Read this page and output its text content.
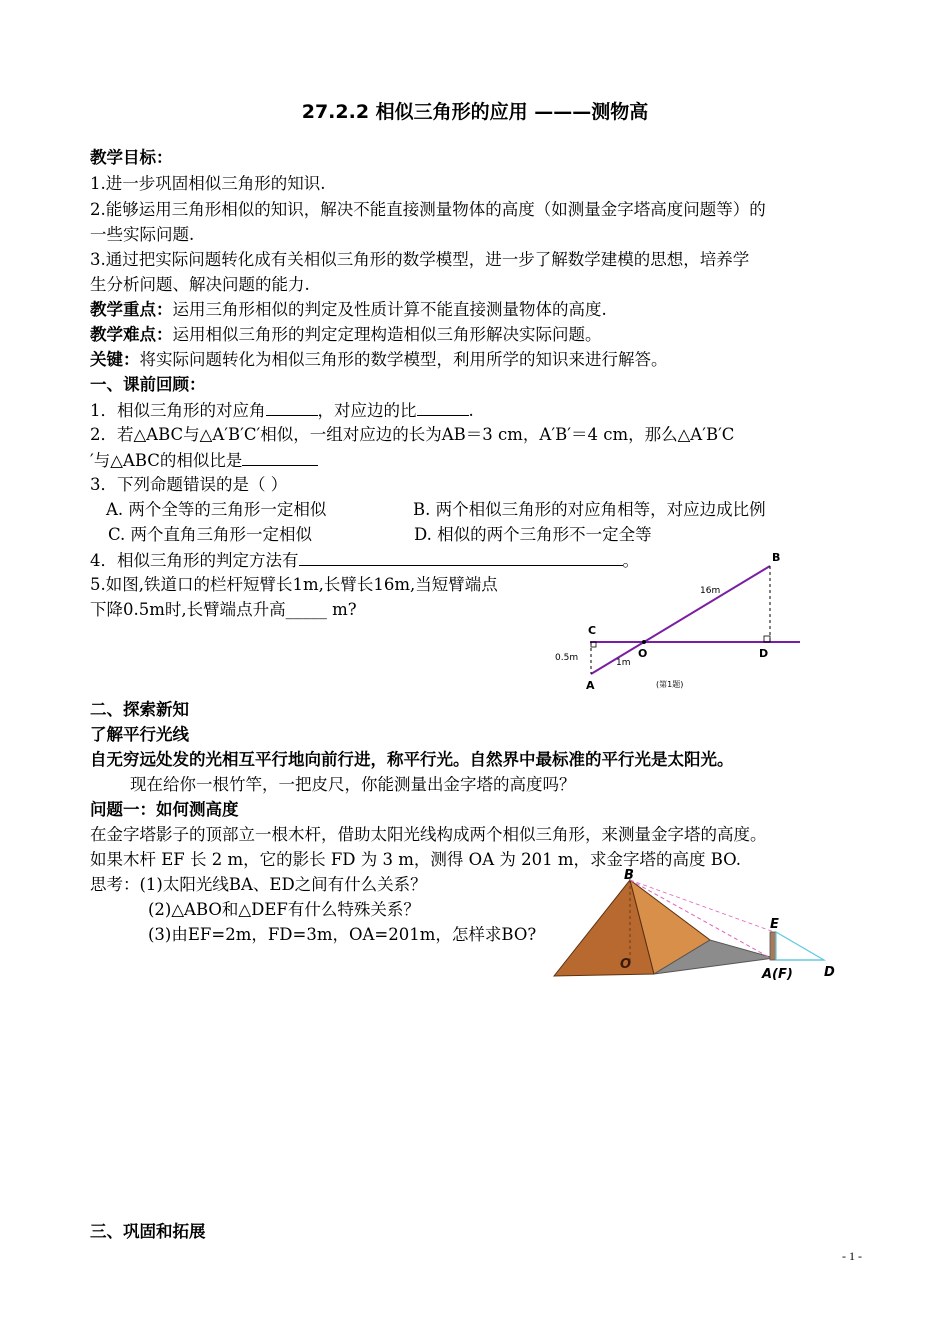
27.2.2 相似三角形的应用 ———测物高
教学目标：
1.进一步巩固相似三角形的知识.
2.能够运用三角形相似的知识，解决不能直接测量物体的高度（如测量金字塔高度问题等）的
一些实际问题.
3.通过把实际问题转化成有关相似三角形的数学模型，进一步了解数学建模的思想，培养学
生分析问题、解决问题的能力.
教学重点：运用三角形相似的判定及性质计算不能直接测量物体的高度.
教学难点：运用相似三角形的判定定理构造相似三角形解决实际问题。
关键：将实际问题转化为相似三角形的数学模型，利用所学的知识来进行解答。
一、课前回顾：
1．相似三角形的对应角	，对应边的比	.
2．若△ABC与△A′B′C′相似，一组对应边的长为AB＝3 cm，A′B′＝4 cm，那么△A′B′C
′与△ABC的相似比是
3．下列命题错误的是（ ）
A. 两个全等的三角形一定相似	B. 两个相似三角形的对应角相等，对应边成比例
C. 两个直角三角形一定相似	D. 相似的两个三角形不一定全等
4．相似三角形的判定方法有	。
5.如图,铁道口的栏杆短臂长1m,长臂长16m,当短臂端点
下降0.5m时,长臂端点升高_____ m?
B
C
O	D
A
16m
1m
0.5m
(第1题)
二、探索新知
了解平行光线
自无穷远处发的光相互平行地向前行进，称平行光。自然界中最标准的平行光是太阳光。
现在给你一根竹竿，一把皮尺，你能测量出金字塔的高度吗？
问题一：如何测高度
在金字塔影子的顶部立一根木杆，借助太阳光线构成两个相似三角形，来测量金字塔的高度。
如果木杆 EF 长 2 m，它的影长 FD 为 3 m，测得 OA 为 201 m，求金字塔的高度 BO.
思考：(1)太阳光线BA、ED之间有什么关系？
(2)△ABO和△DEF有什么特殊关系？
(3)由EF=2m，FD=3m，OA=201m，怎样求BO?
B
E
O
A(F) D
三、巩固和拓展
- 1 -
